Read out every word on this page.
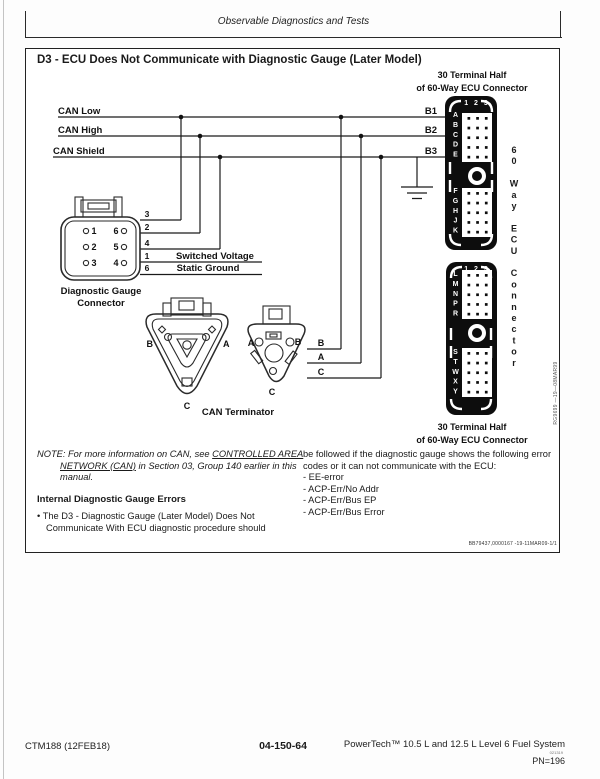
Observable Diagnostics and Tests
D3 - ECU Does Not Communicate with Diagnostic Gauge (Later Model)
CAN Low
CAN High
CAN Shield
B1
B2
B3
3
2
4
1
6
Switched Voltage
Static Ground
1
2
3
6
5
4
Diagnostic Gauge
Connector
B	A
C
A	B
C
B
A
C
CAN Terminator
30 Terminal Half
of 60-Way ECU Connector
30 Terminal Half
of 60-Way ECU Connector
1 2 3
ABCDE
FGHJK
1 2 3
LMNPR
STWXY
60 Way ECU Connector
RG9699 —19—08MAR99
NOTE: For more information on CAN, see CONTROLLED AREA NETWORK (CAN) in Section 03, Group 140 earlier in this manual.
Internal Diagnostic Gauge Errors
• The D3 - Diagnostic Gauge (Later Model) Does Not Communicate With ECU diagnostic procedure should
be followed if the diagnostic gauge shows the following error codes or it can not communicate with the ECU:
- EE-error
- ACP-Err/No Addr
- ACP-Err/Bus EP
- ACP-Err/Bus Error
BB79437,0000167 -19-11MAR09-1/1
CTM188 (12FEB18)	04-150-64	PowerTech™ 10.5 L and 12.5 L Level 6 Fuel System
021319
PN=196
